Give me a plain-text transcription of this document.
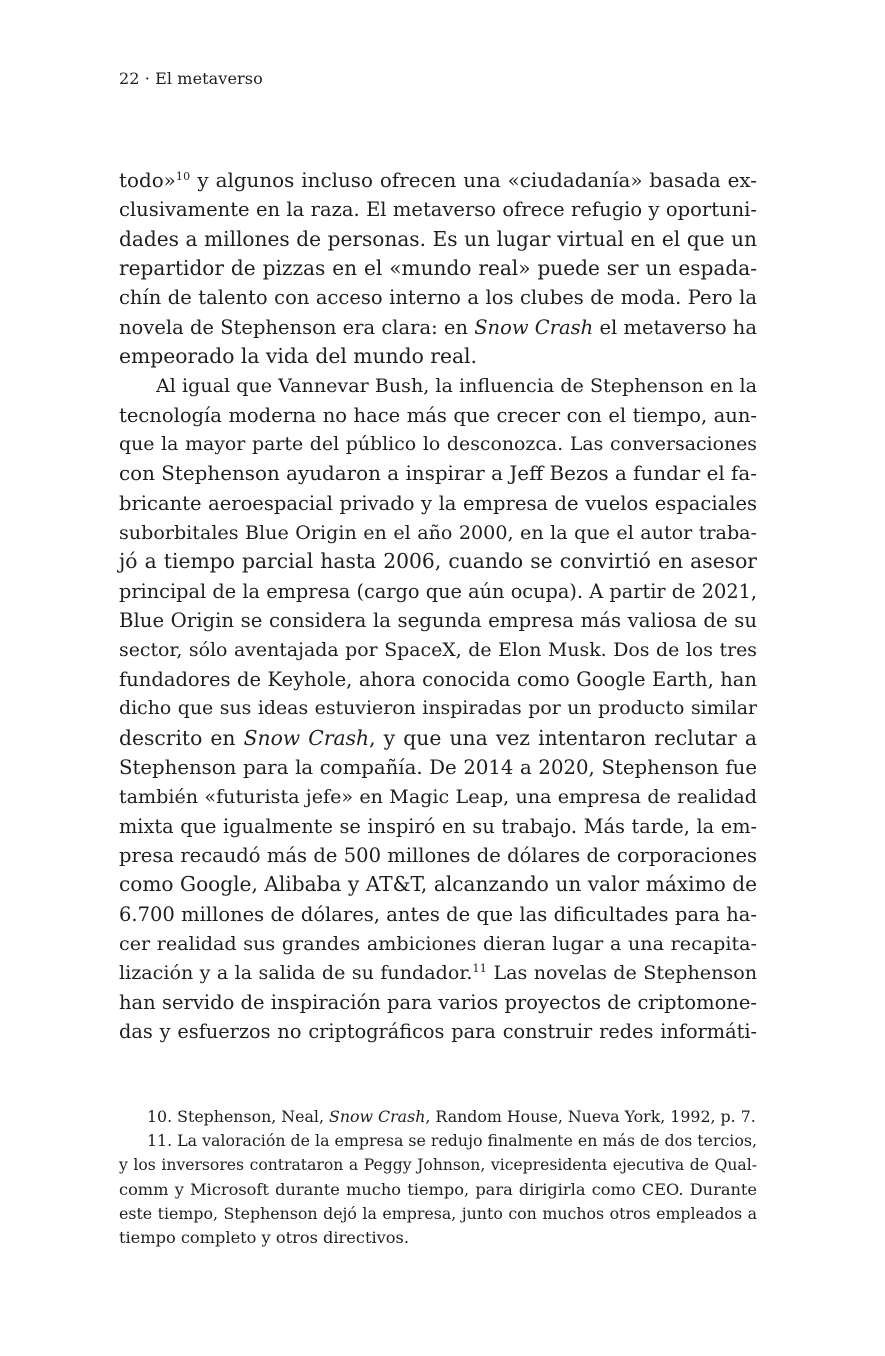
22 · El metaverso
todo»$^{10}$ y algunos incluso ofrecen una «ciudadanía» basada ex-
clusivamente en la raza. El metaverso ofrece refugio y oportuni-
dades a millones de personas. Es un lugar virtual en el que un
repartidor de pizzas en el «mundo real» puede ser un espada-
chín de talento con acceso interno a los clubes de moda. Pero la
novela de Stephenson era clara: en Snow Crash el metaverso ha
empeorado la vida del mundo real.
Al igual que Vannevar Bush, la influencia de Stephenson en la
tecnología moderna no hace más que crecer con el tiempo, aun-
que la mayor parte del público lo desconozca. Las conversaciones
con Stephenson ayudaron a inspirar a Jeff Bezos a fundar el fa-
bricante aeroespacial privado y la empresa de vuelos espaciales
suborbitales Blue Origin en el año 2000, en la que el autor traba-
jó a tiempo parcial hasta 2006, cuando se convirtió en asesor
principal de la empresa (cargo que aún ocupa). A partir de 2021,
Blue Origin se considera la segunda empresa más valiosa de su
sector, sólo aventajada por SpaceX, de Elon Musk. Dos de los tres
fundadores de Keyhole, ahora conocida como Google Earth, han
dicho que sus ideas estuvieron inspiradas por un producto similar
descrito en Snow Crash, y que una vez intentaron reclutar a
Stephenson para la compañía. De 2014 a 2020, Stephenson fue
también «futurista jefe» en Magic Leap, una empresa de realidad
mixta que igualmente se inspiró en su trabajo. Más tarde, la em-
presa recaudó más de 500 millones de dólares de corporaciones
como Google, Alibaba y AT&T, alcanzando un valor máximo de
6.700 millones de dólares, antes de que las dificultades para ha-
cer realidad sus grandes ambiciones dieran lugar a una recapita-
lización y a la salida de su fundador.$^{11}$ Las novelas de Stephenson
han servido de inspiración para varios proyectos de criptomone-
das y esfuerzos no criptográficos para construir redes informáti-
10. Stephenson, Neal, Snow Crash, Random House, Nueva York, 1992, p. 7.
11. La valoración de la empresa se redujo finalmente en más de dos tercios,
y los inversores contrataron a Peggy Johnson, vicepresidenta ejecutiva de Qual-
comm y Microsoft durante mucho tiempo, para dirigirla como CEO. Durante
este tiempo, Stephenson dejó la empresa, junto con muchos otros empleados a
tiempo completo y otros directivos.
